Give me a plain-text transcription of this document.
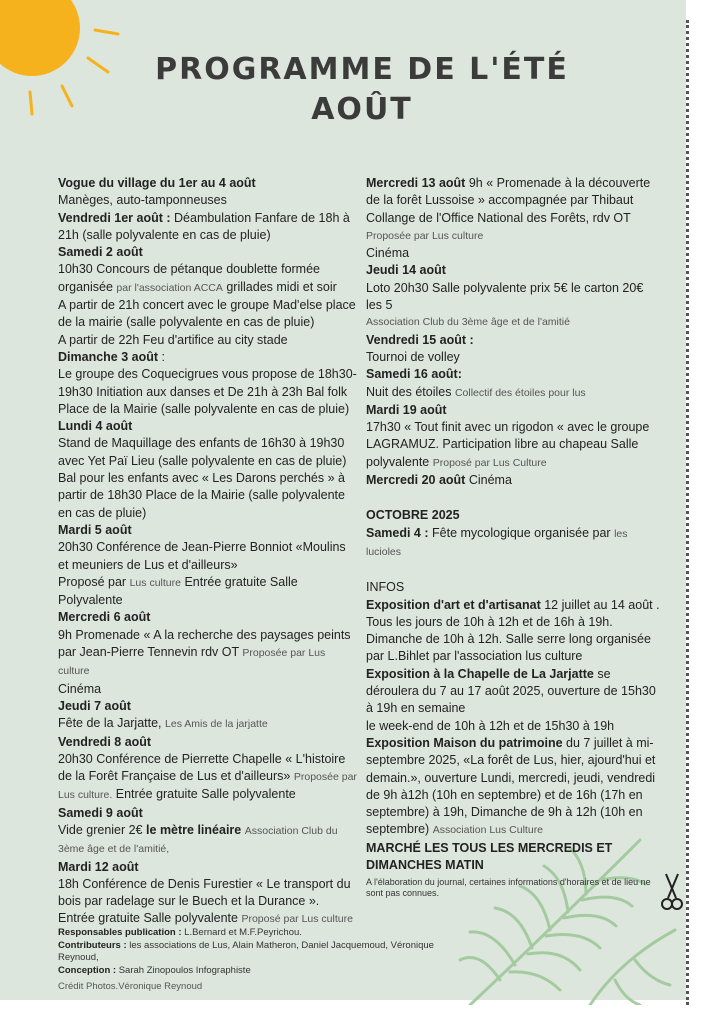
PROGRAMME DE L'ÉTÉ
AOÛT

Vogue du village du 1er au 4 août

Manèges, auto-tamponneuses

Vendredi 1er août : Déambulation Fanfare de 18h à 21h (salle polyvalente en cas de pluie)

Samedi 2 août

10h30 Concours de pétanque doublette formée organisée par l'association ACCA grillades midi et soir

A partir de 21h concert avec le groupe Mad'else place de la mairie (salle polyvalente en cas de pluie)

A partir de 22h Feu d'artifice au city stade

Dimanche 3 août :

Le groupe des Coquecigrues vous propose de 18h30-19h30 Initiation aux danses et De 21h à 23h Bal folk Place de la Mairie (salle polyvalente en cas de pluie)

Lundi 4 août

Stand de Maquillage des enfants de 16h30 à 19h30 avec Yet Paï Lieu (salle polyvalente en cas de pluie)

Bal pour les enfants avec « Les Darons perchés » à partir de 18h30 Place de la Mairie (salle polyvalente en cas de pluie)

Mardi 5 août

20h30 Conférence de Jean-Pierre Bonniot «Moulins et meuniers de Lus et d'ailleurs»

Proposé par Lus culture Entrée gratuite Salle Polyvalente

Mercredi 6 août

9h Promenade « A la recherche des paysages peints par Jean-Pierre Tennevin rdv OT Proposée par Lus culture

Cinéma

Jeudi 7 août

Fête de la Jarjatte, Les Amis de la jarjatte

Vendredi 8 août

20h30 Conférence de Pierrette Chapelle « L'histoire de la Forêt Française de Lus et d'ailleurs» Proposée par Lus culture. Entrée gratuite Salle polyvalente

Samedi 9 août

Vide grenier 2€ le mètre linéaire Association Club du 3ème âge et de l'amitié,

Mardi 12 août

18h Conférence de Denis Furestier « Le transport du bois par radelage sur le Buech et la Durance ». Entrée gratuite Salle polyvalente Proposé par Lus culture

Mercredi 13 août 9h « Promenade à la découverte de la forêt Lussoise » accompagnée par Thibaut Collange de l'Office National des Forêts, rdv OT Proposée par Lus culture

Cinéma

Jeudi 14 août

Loto 20h30 Salle polyvalente prix 5€ le carton 20€ les 5

Association Club du 3ème âge et de l'amitié

Vendredi 15 août :

Tournoi de volley

Samedi 16 août:

Nuit des étoiles Collectif des étoiles pour lus

Mardi 19 août

17h30 « Tout finit avec un rigodon « avec le groupe LAGRAMUZ. Participation libre au chapeau Salle polyvalente Proposé par Lus Culture

Mercredi 20 août Cinéma

OCTOBRE 2025

Samedi 4 : Fête mycologique organisée par les lucioles

INFOS

Exposition d'art et d'artisanat 12 juillet au 14 août . Tous les jours de 10h à 12h et de 16h à 19h.

Dimanche de 10h à 12h. Salle serre long organisée par L.Bihlet par l'association lus culture

Exposition à la Chapelle de La Jarjatte se déroulera du 7 au 17 août 2025, ouverture de 15h30 à 19h en semaine

le week-end de 10h à 12h et de 15h30 à 19h

Exposition Maison du patrimoine du 7 juillet à mi-septembre 2025, «La forêt de Lus, hier, ajourd'hui et demain.», ouverture Lundi, mercredi, jeudi, vendredi de 9h à12h (10h en septembre) et de 16h (17h en septembre) à 19h, Dimanche de 9h à 12h (10h en septembre) Association Lus Culture

MARCHÉ LES TOUS LES MERCREDIS ET DIMANCHES MATIN

A l'élaboration du journal, certaines informations d'horaires et de lieu ne sont pas connues.

Responsables publication : L.Bernard et M.F.Peyrichou.

Contributeurs : les associations de Lus, Alain Matheron, Daniel Jacquemoud, Véronique Reynoud,

Conception : Sarah Zinopoulos Infographiste

Crédit Photos.Véronique Reynoud
